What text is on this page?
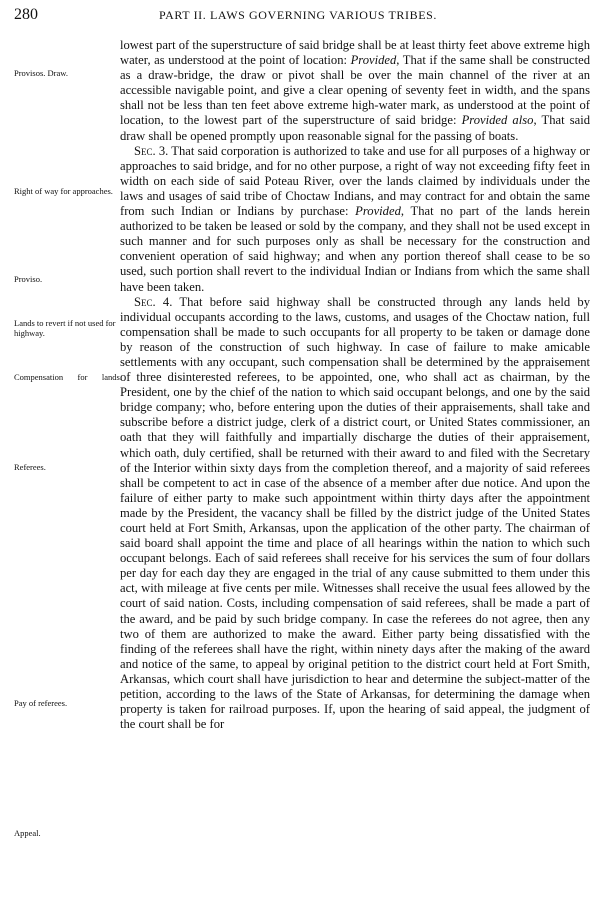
280	PART II. LAWS GOVERNING VARIOUS TRIBES.
Provisos. Draw.
Right of way for approaches.
Proviso.
Lands to revert if not used for highway.
Compensation for lands.
Referees.
Pay of referees.
Appeal.

lowest part of the superstructure of said bridge shall be at least thirty feet above extreme high water, as understood at the point of location: Provided, That if the same shall be constructed as a draw-bridge, the draw or pivot shall be over the main channel of the river at an accessible navigable point, and give a clear opening of seventy feet in width, and the spans shall not be less than ten feet above extreme high-water mark, as understood at the point of location, to the lowest part of the superstructure of said bridge: Provided also, That said draw shall be opened promptly upon reasonable signal for the passing of boats.

Sec. 3. That said corporation is authorized to take and use for all purposes of a highway or approaches to said bridge, and for no other purpose, a right of way not exceeding fifty feet in width on each side of said Poteau River, over the lands claimed by individuals under the laws and usages of said tribe of Choctaw Indians, and may contract for and obtain the same from such Indian or Indians by purchase: Provided, That no part of the lands herein authorized to be taken be leased or sold by the company, and they shall not be used except in such manner and for such purposes only as shall be necessary for the construction and convenient operation of said highway; and when any portion thereof shall cease to be so used, such portion shall revert to the individual Indian or Indians from which the same shall have been taken.

Sec. 4. That before said highway shall be constructed through any lands held by individual occupants according to the laws, customs, and usages of the Choctaw nation, full compensation shall be made to such occupants for all property to be taken or damage done by reason of the construction of such highway. In case of failure to make amicable settlements with any occupant, such compensation shall be determined by the appraisement of three disinterested referees, to be appointed, one, who shall act as chairman, by the President, one by the chief of the nation to which said occupant belongs, and one by the said bridge company; who, before entering upon the duties of their appraisements, shall take and subscribe before a district judge, clerk of a district court, or United States commissioner, an oath that they will faithfully and impartially discharge the duties of their appraisement, which oath, duly certified, shall be returned with their award to and filed with the Secretary of the Interior within sixty days from the completion thereof, and a majority of said referees shall be competent to act in case of the absence of a member after due notice. And upon the failure of either party to make such appointment within thirty days after the appointment made by the President, the vacancy shall be filled by the district judge of the United States court held at Fort Smith, Arkansas, upon the application of the other party. The chairman of said board shall appoint the time and place of all hearings within the nation to which such occupant belongs. Each of said referees shall receive for his services the sum of four dollars per day for each day they are engaged in the trial of any cause submitted to them under this act, with mileage at five cents per mile. Witnesses shall receive the usual fees allowed by the court of said nation. Costs, including compensation of said referees, shall be made a part of the award, and be paid by such bridge company. In case the referees do not agree, then any two of them are authorized to make the award. Either party being dissatisfied with the finding of the referees shall have the right, within ninety days after the making of the award and notice of the same, to appeal by original petition to the district court held at Fort Smith, Arkansas, which court shall have jurisdiction to hear and determine the subject-matter of the petition, according to the laws of the State of Arkansas, for determining the damage when property is taken for railroad purposes. If, upon the hearing of said appeal, the judgment of the court shall be for
